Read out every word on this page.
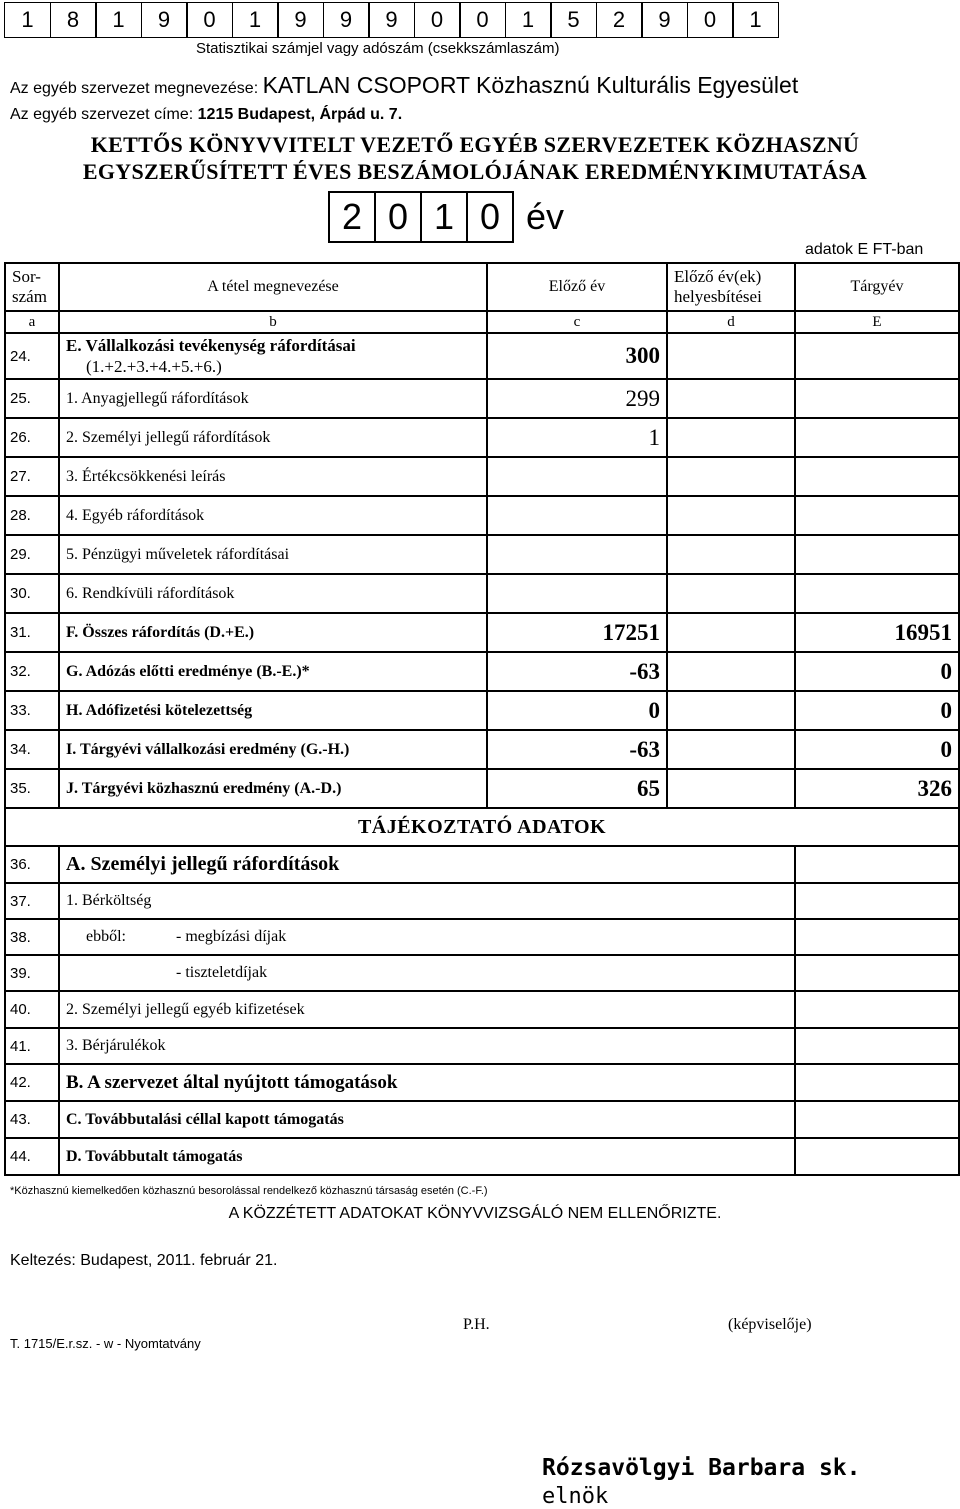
1	8	1	9	0	1	9	9	9	0	0	1	5	2	9	0	1
Statisztikai számjel vagy adószám (csekkszámlaszám)
Az egyéb szervezet megnevezése: KATLAN CSOPORT Közhasznú Kulturális Egyesület
Az egyéb szervezet címe: 1215 Budapest, Árpád u. 7.
KETTŐS KÖNYVVITELT VEZETŐ EGYÉB SZERVEZETEK KÖZHASZNÚ
EGYSZERŰSÍTETT ÉVES BESZÁMOLÓJÁNAK EREDMÉNYKIMUTATÁSA
2 0 1 0 év
adatok E FT-ban
Sor-
szám	A tétel megnevezése	Előző év	Előző év(ek)
helyesbítései	Tárgyév
a	b	c	d	E
24.	E. Vállalkozási tevékenység ráfordításai
(1.+2.+3.+4.+5.+6.)	300		
25.	1. Anyagjellegű ráfordítások	299		
26.	2. Személyi jellegű ráfordítások	1		
27.	3. Értékcsökkenési leírás			
28.	4. Egyéb ráfordítások			
29.	5. Pénzügyi műveletek ráfordításai			
30.	6. Rendkívüli ráfordítások			
31.	F. Összes ráfordítás (D.+E.)	17251		16951
32.	G. Adózás előtti eredménye (B.-E.)*	-63		0
33.	H. Adófizetési kötelezettség	0		0
34.	I. Tárgyévi vállalkozási eredmény (G.-H.)	-63		0
35.	J. Tárgyévi közhasznú eredmény (A.-D.)	65		326
TÁJÉKOZTATÓ ADATOK				
36.	A. Személyi jellegű ráfordítások			
37.	1. Bérköltség			
38.	ebből: - megbízási díjak			
39.	- tiszteletdíjak			
40.	2. Személyi jellegű egyéb kifizetések			
41.	3. Bérjárulékok			
42.	B. A szervezet által nyújtott támogatások			
43.	C. Továbbutalási céllal kapott támogatás			
44.	D. Továbbutalt támogatás			
*Közhasznú kiemelkedően közhasznú besorolással rendelkező közhasznú társaság esetén (C.-F.)
A KÖZZÉTETT ADATOKAT KÖNYVVIZSGÁLÓ NEM ELLENŐRIZTE.
Keltezés: Budapest, 2011. február 21.
P.H.	(képviselője)
T. 1715/E.r.sz. - w - Nyomtatvány
Rózsavölgyi Barbara sk.
elnök
